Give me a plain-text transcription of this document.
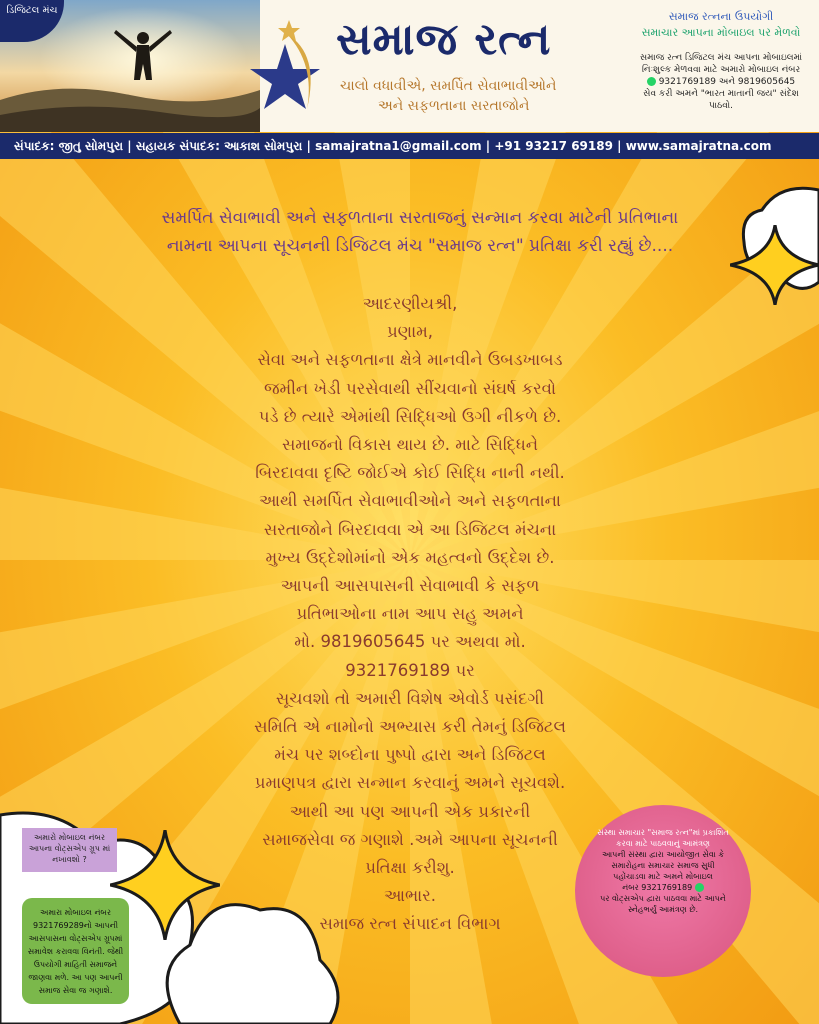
ડિજિટલ મંચ
સમાજ રત્ન
ચાલો વધાવીએ, સમર્પિત સેવાભાવીઓને
અને સફળતાના સરતાજોને
સમાજ રત્નના ઉપયોગી
સમાચાર આપના મોબાઇલ પર મેળવો
સમાજ રત્ન ડિજિટલ મંચ આપના મોબાઇલમાં
નિઃશુલ્ક મેળવવા માટે અમારો મોબાઇલ નંબર
9321769189 અને 9819605645
સેવ કરી અમને "ભારત માતાની જય" સંદેશ
પાઠવો.
સંપાદક: જીતુ સોમપુરા | સહાયક સંપાદક: આકાશ સોમપુરા | samajratna1@gmail.com | +91 93217 69189 | www.samajratna.com
સમર્પિત સેવાભાવી અને સફળતાના સરતાજનું સન્માન કરવા માટેની પ્રતિભાના
નામના આપના સૂચનની ડિજિટલ મંચ "સમાજ રત્ન" પ્રતિક્ષા કરી રહ્યું છે....

આદરણીયશ્રી,

પ્રણામ,

સેવા અને સફળતાના ક્ષેત્રે માનવીને ઉબડખાબડ

જમીન ખેડી પરસેવાથી સીંચવાનો સંઘર્ષ કરવો

પડે છે ત્યારે એમાંથી સિદ્ધિઓ ઉગી નીકળે છે.

સમાજનો વિકાસ થાય છે. માટે સિદ્ધિને

બિરદાવવા દૃષ્ટિ જોઈએ કોઈ સિદ્ધિ નાની નથી.

આથી સમર્પિત સેવાભાવીઓને અને સફળતાના

સરતાજોને બિરદાવવા એ આ ડિજિટલ મંચના

મુખ્ય ઉદ્દેશોમાંનો એક મહત્વનો ઉદ્દેશ છે.

આપની આસપાસની સેવાભાવી કે સફળ

પ્રતિભાઓના નામ આપ સહુ અમને

મો. 9819605645 પર અથવા મો.

9321769189 પર

સૂચવશો તો અમારી વિશેષ એવોર્ડ પસંદગી

સમિતિ એ નામોનો અભ્યાસ કરી તેમનું ડિજિટલ

મંચ પર શબ્દોના પુષ્પો દ્વારા અને ડિજિટલ

પ્રમાણપત્ર દ્વારા સન્માન કરવાનું અમને સૂચવશે.

આથી આ પણ આપની એક પ્રકારની

સમાજસેવા જ ગણાશે .અમે આપના સૂચનની

પ્રતિક્ષા કરીશુ.

આભાર.

સમાજ રત્ન સંપાદન વિભાગ

અમારો મોબાઇલ નંબર આપના વોટ્સએપ ગ્રૂપ માં નખાવશો ?
અમારા મોબાઇલ નંબર 9321769289નો આપની આસપાસના વોટ્સએપ ગ્રૂપમાં સમાવેશ કરાવવા વિનંતી. જેથી ઉપયોગી માહિતી સમાજને જાણવા મળે. આ પણ આપની સમાજ સેવા જ ગણાશે.
સંસ્થા સમાચાર "સમાજ રત્ન"માં પ્રકાશિત કરવા માટે પાઠવવાનું આમંત્રણ
આપની સંસ્થા દ્વારા આયોજીત સેવા કે સમારોહના સમાચાર સમાજ સુધી પહોંચાડવા માટે અમને મોબાઇલ
નંબર 9321769189
પર વોટ્સએપ દ્વારા પાઠવવા માટે આપને સ્નેહભર્યું આમંત્રણ છે.
